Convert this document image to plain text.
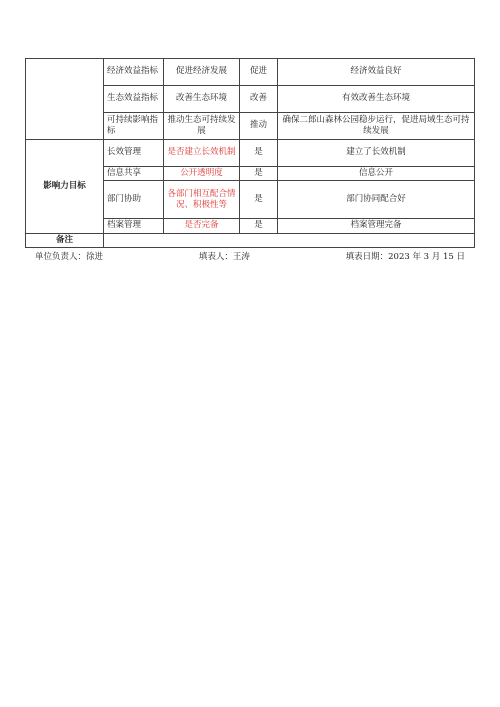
	经济效益指标	促进经济发展	促进	经济效益良好
	生态效益指标	改善生态环境	改善	有效改善生态环境
	可持续影响指标	推动生态可持续发展	推动	确保二郎山森林公园稳步运行，促进局域生态可持续发展
影响力目标	长效管理	是否建立长效机制	是	建立了长效机制
	信息共享	公开透明度	是	信息公开
	部门协助	各部门相互配合情况、积极性等	是	部门协同配合好
	档案管理	是否完备	是	档案管理完备
备注				
单位负责人：徐进	填表人：王涛	填表日期：2023 年 3 月 15 日
